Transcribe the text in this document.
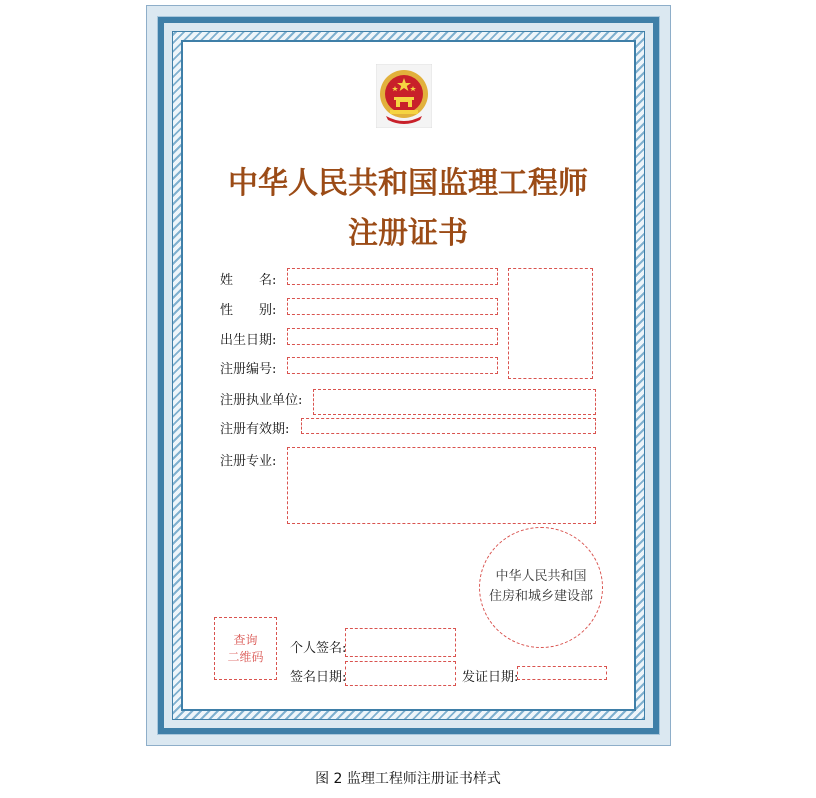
中华人民共和国监理工程师
注册证书
姓　　名:
性　　别:
出生日期:
注册编号:
注册执业单位:
注册有效期:
注册专业:
中华人民共和国
住房和城乡建设部
查询
二维码
个人签名:
签名日期:	发证日期:
图 2 监理工程师注册证书样式
